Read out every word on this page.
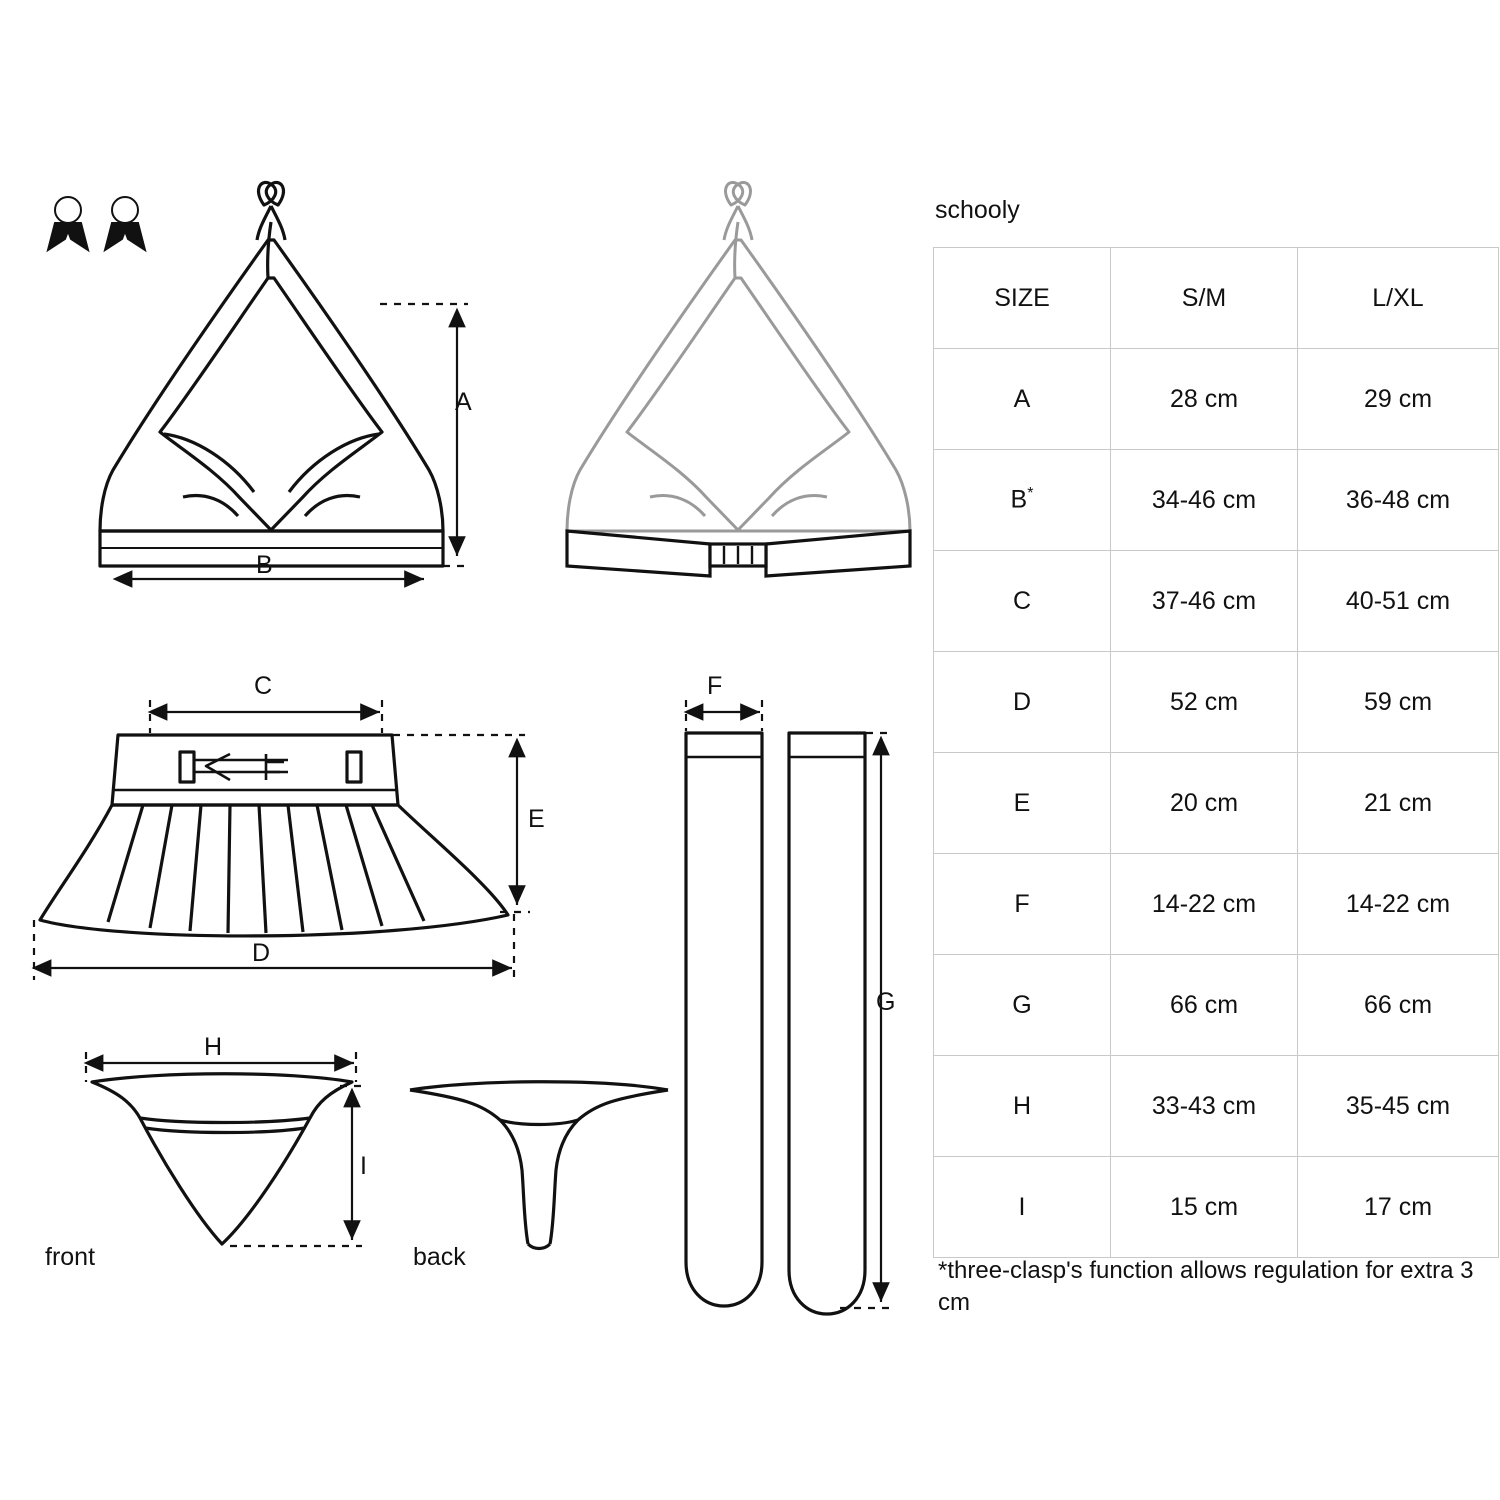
A
B
C
E
D
F
G
H
I
front	back
schooly
SIZE	S/M	L/XL
A	28 cm	29 cm
B*	34-46 cm	36-48 cm
C	37-46 cm	40-51 cm
D	52 cm	59 cm
E	20 cm	21 cm
F	14-22 cm	14-22 cm
G	66 cm	66 cm
H	33-43 cm	35-45 cm
I	15 cm	17 cm
*three-clasp's function allows regulation for extra 3 cm
